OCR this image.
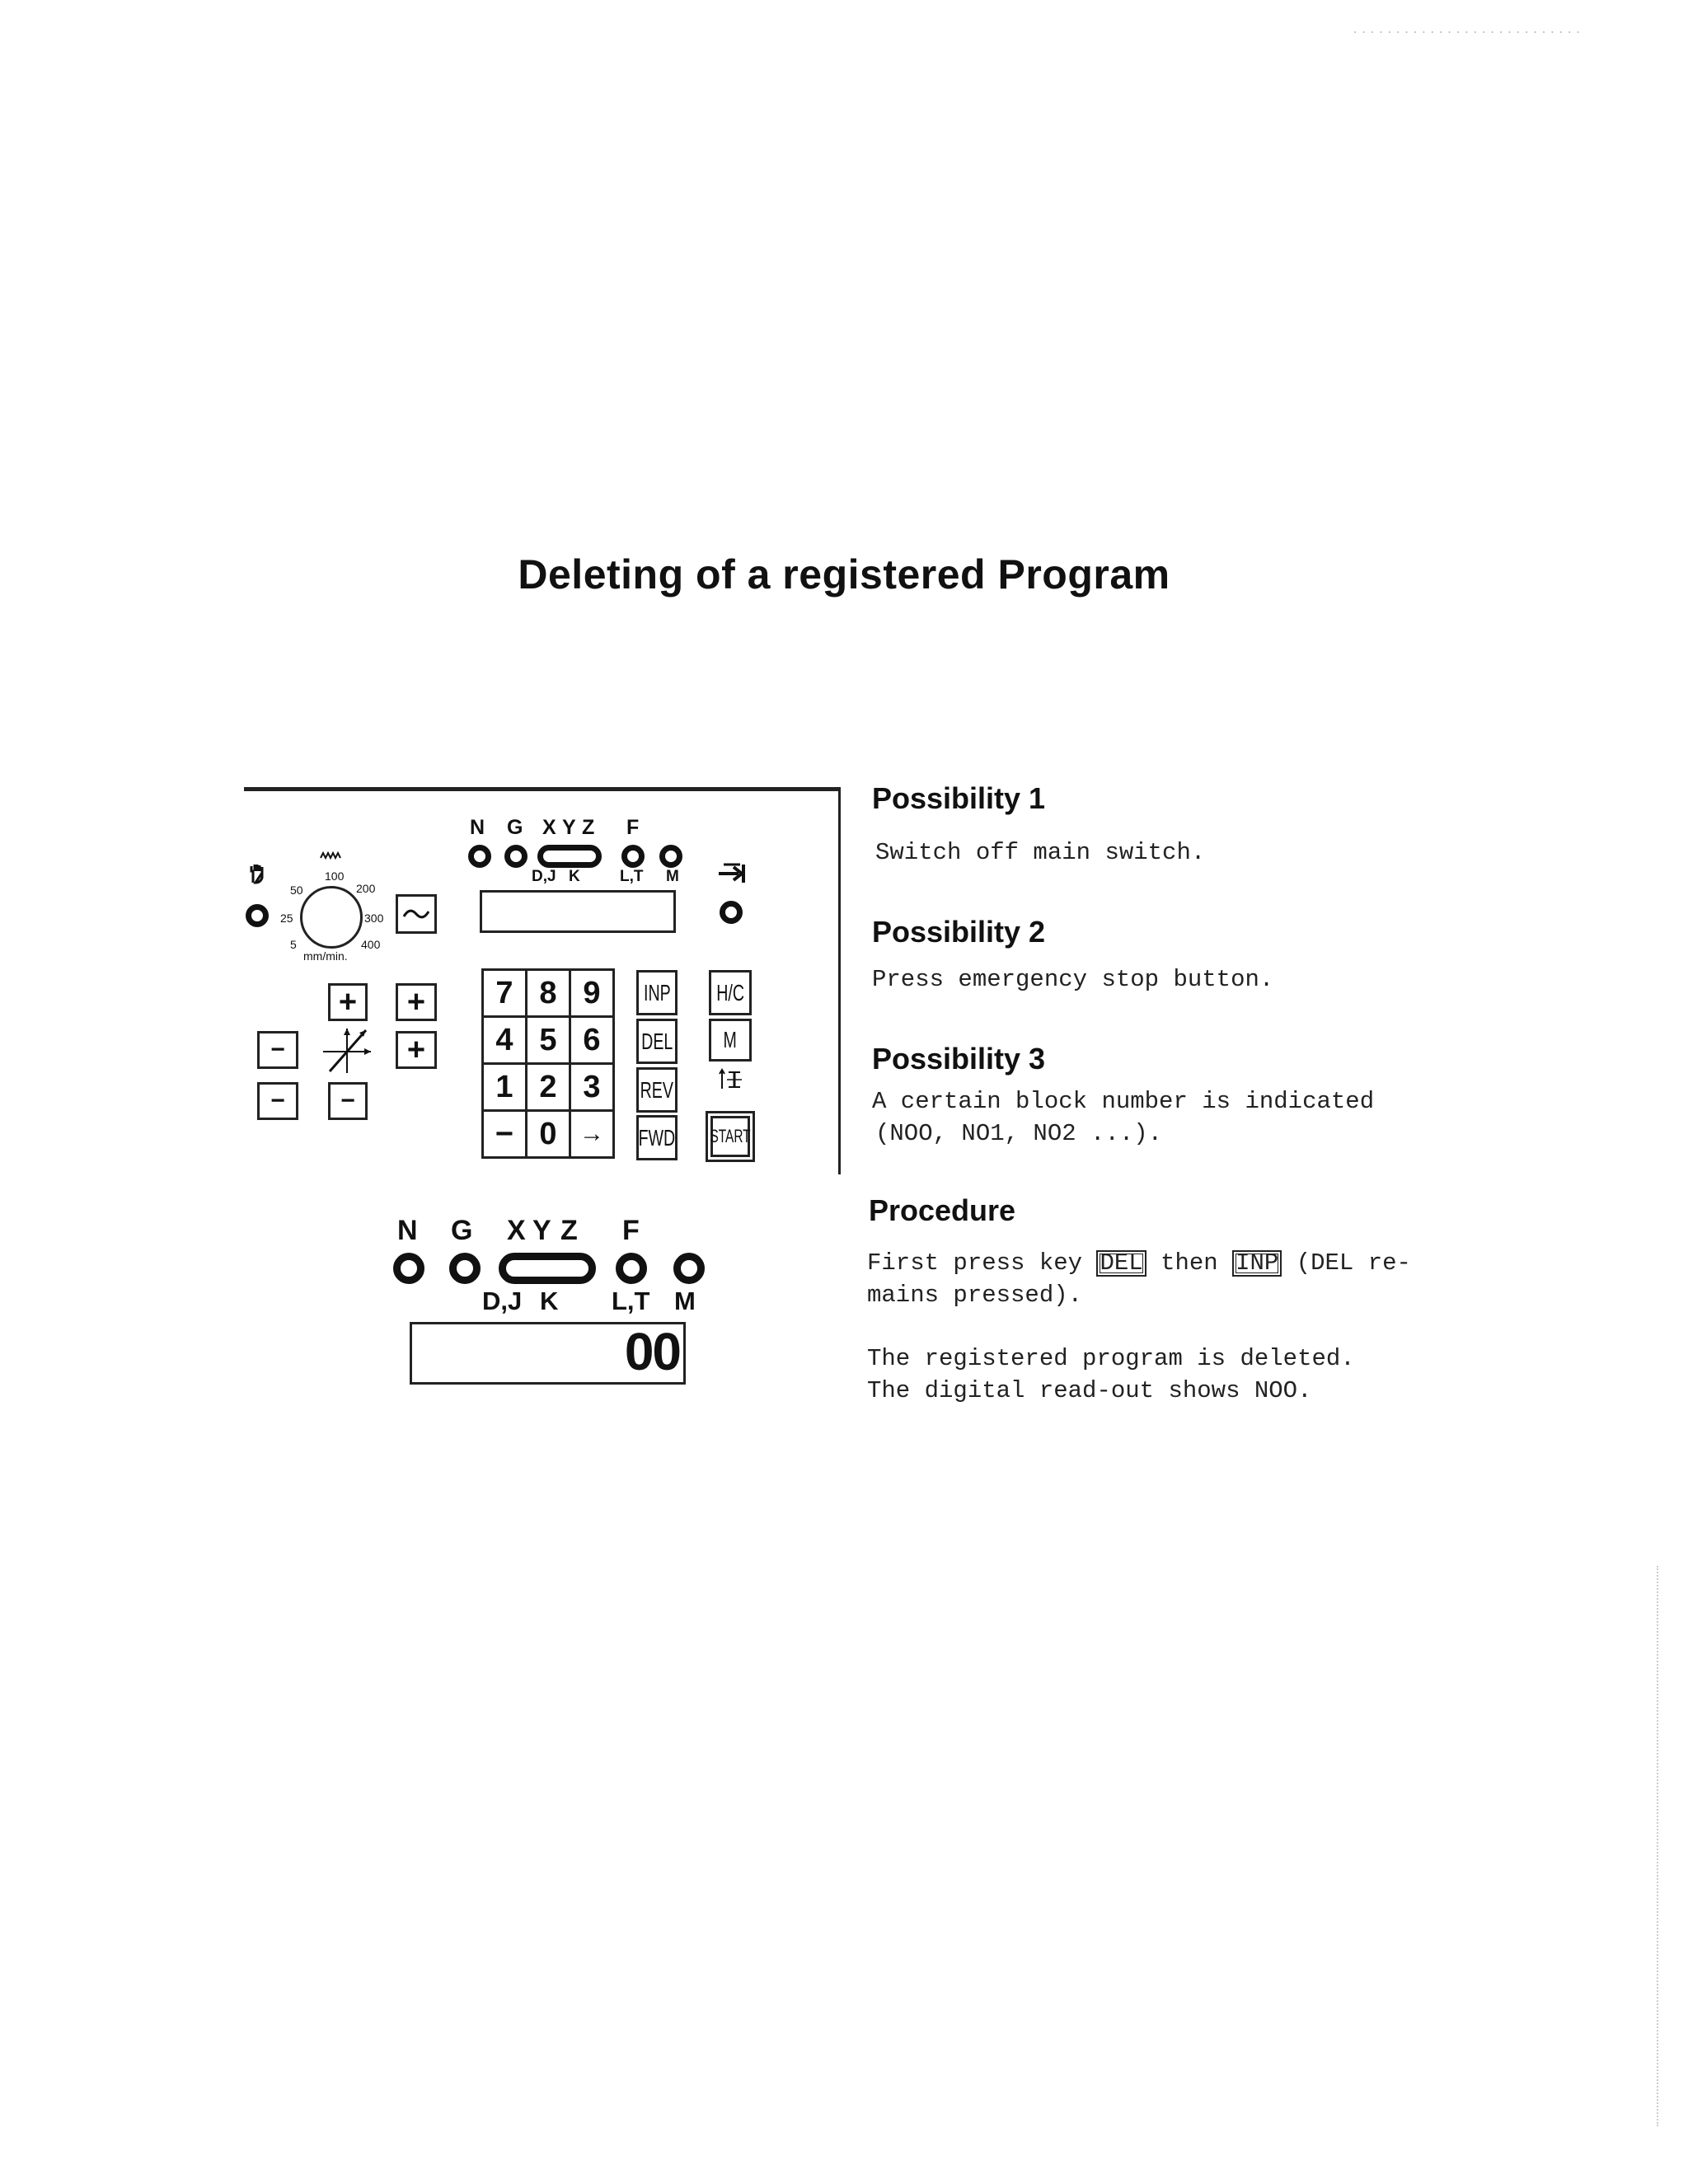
···························
Deleting of a registered Program
N G X Y Z F
D,J K	L,T M
5
25
50
100
200
300
400
mm/min.
+	+
−	+
−	−
7 8 9
4 5 6
1 2 3
− 0 →
INP
DEL
REV
FWD
H/C
M
START
N G X Y Z F
D,J K L,T M
00
Possibility 1
Switch off main switch.
Possibility 2
Press emergency stop button.
Possibility 3
A certain block number is indicated
(NOO, NO1, NO2 ...).
Procedure
First press key DEL then INP (DEL re-
mains pressed).
The registered program is deleted.
The digital read-out shows NOO.
